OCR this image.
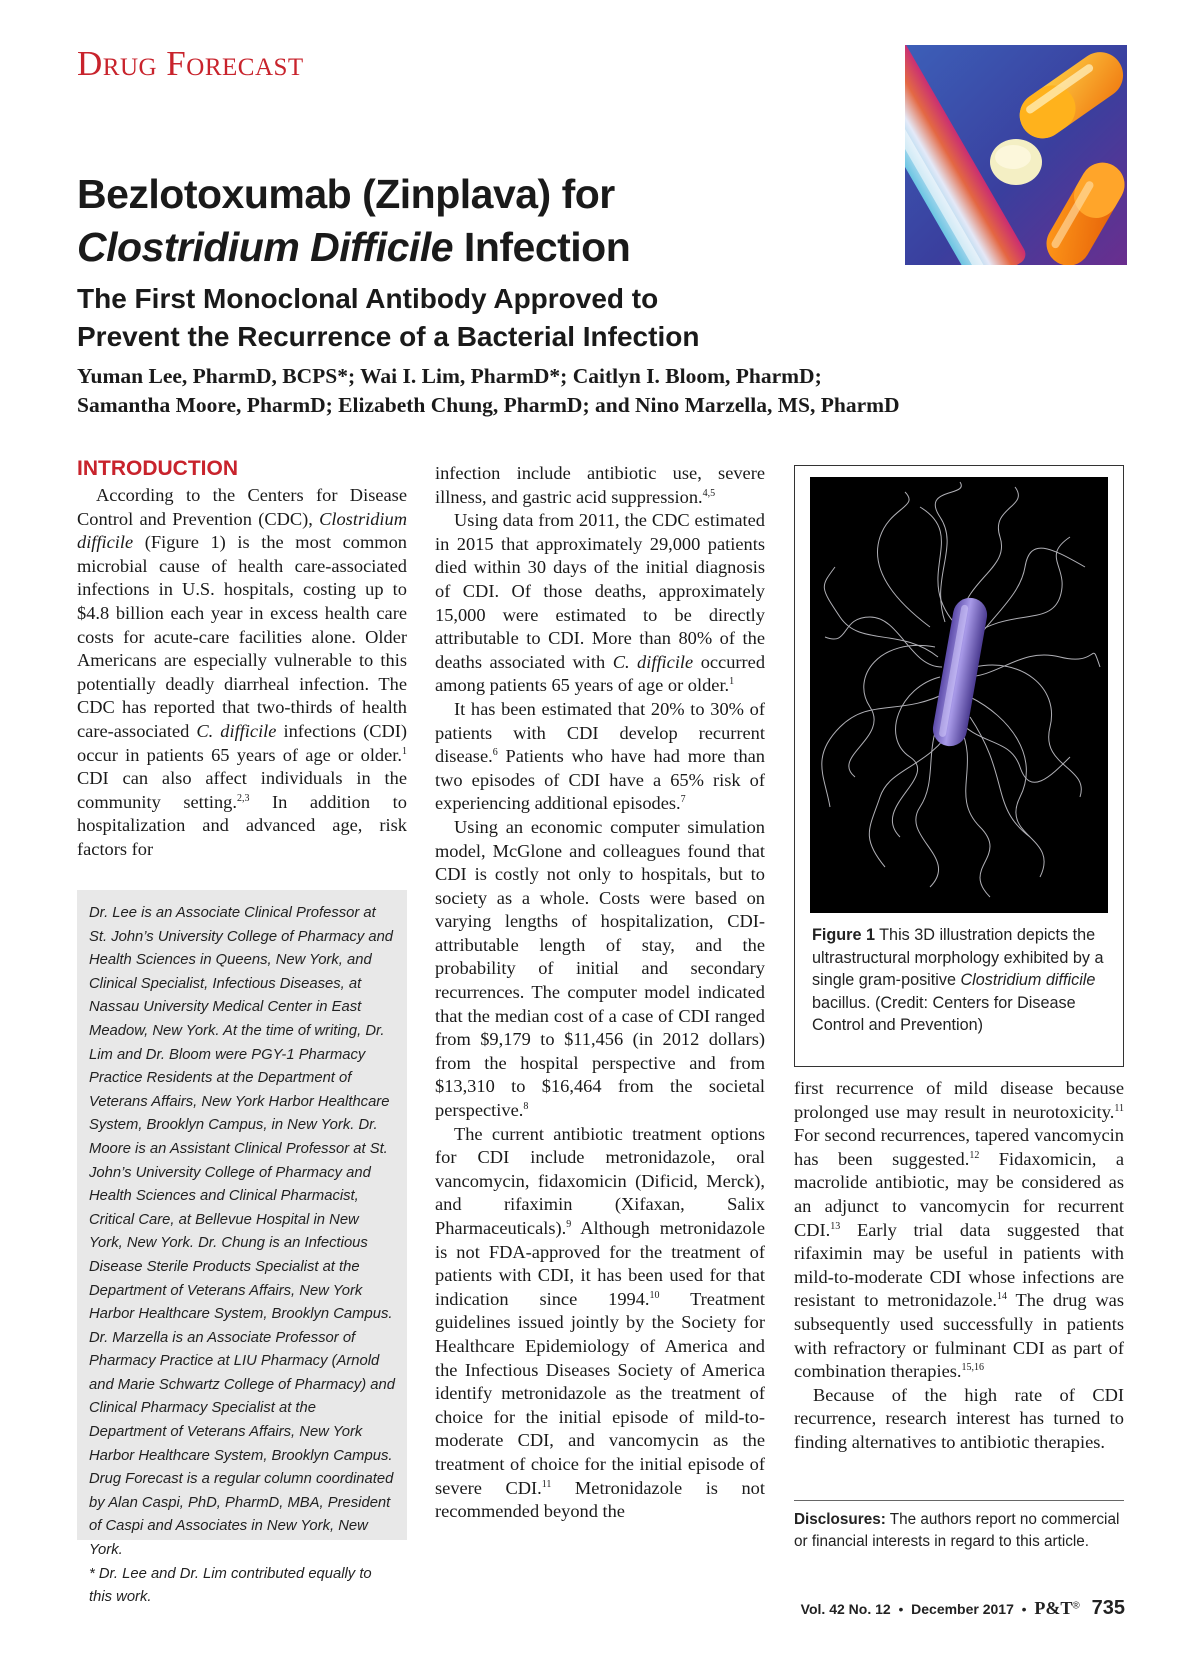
Drug Forecast
Bezlotoxumab (Zinplava) for
Clostridium Difficile Infection
The First Monoclonal Antibody Approved to
Prevent the Recurrence of a Bacterial Infection
Yuman Lee, PharmD, BCPS*; Wai I. Lim, PharmD*; Caitlyn I. Bloom, PharmD;
Samantha Moore, PharmD; Elizabeth Chung, PharmD; and Nino Marzella, MS, PharmD
INTRODUCTION

According to the Centers for Disease Control and Prevention (CDC), Clostridium difficile (Figure 1) is the most common microbial cause of health care-associated infections in U.S. hospitals, costing up to $4.8 billion each year in excess health care costs for acute-care facilities alone. Older Americans are especially vulnerable to this potentially deadly diarrheal infection. The CDC has reported that two-thirds of health care-associated C. difficile infections (CDI) occur in patients 65 years of age or older.$^1$ CDI can also affect individuals in the community setting.$^{2,3}$ In addition to hospitalization and advanced age, risk factors for

Dr. Lee is an Associate Clinical Professor at St. John’s University College of Pharmacy and Health Sciences in Queens, New York, and Clinical Specialist, Infectious Diseases, at Nassau University Medical Center in East Meadow, New York. At the time of writing, Dr. Lim and Dr. Bloom were PGY-1 Pharmacy Practice Residents at the Department of Veterans Affairs, New York Harbor Healthcare System, Brooklyn Campus, in New York. Dr. Moore is an Assistant Clinical Professor at St. John’s University College of Pharmacy and Health Sciences and Clinical Pharmacist, Critical Care, at Bellevue Hospital in New York, New York. Dr. Chung is an Infectious Disease Sterile Products Specialist at the Department of Veterans Affairs, New York Harbor Healthcare System, Brooklyn Campus. Dr. Marzella is an Associate Professor of Pharmacy Practice at LIU Pharmacy (Arnold and Marie Schwartz College of Pharmacy) and Clinical Pharmacy Specialist at the Department of Veterans Affairs, New York Harbor Healthcare System, Brooklyn Campus. Drug Forecast is a regular column coordinated by Alan Caspi, PhD, PharmD, MBA, President of Caspi and Associates in New York, New York.
* Dr. Lee and Dr. Lim contributed equally to this work.

infection include antibiotic use, severe illness, and gastric acid suppression.$^{4,5}$

Using data from 2011, the CDC estimated in 2015 that approximately 29,000 patients died within 30 days of the initial diagnosis of CDI. Of those deaths, approximately 15,000 were estimated to be directly attributable to CDI. More than 80% of the deaths associated with C. difficile occurred among patients 65 years of age or older.$^1$

It has been estimated that 20% to 30% of patients with CDI develop recurrent disease.$^6$ Patients who have had more than two episodes of CDI have a 65% risk of experiencing additional episodes.$^7$

Using an economic computer simulation model, McGlone and colleagues found that CDI is costly not only to hospitals, but to society as a whole. Costs were based on varying lengths of hospitalization, CDI-attributable length of stay, and the probability of initial and secondary recurrences. The computer model indicated that the median cost of a case of CDI ranged from $9,179 to $11,456 (in 2012 dollars) from the hospital perspective and from $13,310 to $16,464 from the societal perspective.$^8$

The current antibiotic treatment options for CDI include metronidazole, oral vancomycin, fidaxomicin (Dificid, Merck), and rifaximin (Xifaxan, Salix Pharmaceuticals).$^9$ Although metronidazole is not FDA-approved for the treatment of patients with CDI, it has been used for that indication since 1994.10 Treatment guidelines issued jointly by the Society for Healthcare Epidemiology of America and the Infectious Diseases Society of America identify metronidazole as the treatment of choice for the initial episode of mild-to-moderate CDI, and vancomycin as the treatment of choice for the initial episode of severe CDI.$^{11}$ Metronidazole is not recommended beyond the

Figure 1 This 3D illustration depicts the ultrastructural morphology exhibited by a single gram-positive Clostridium difficile bacillus. (Credit: Centers for Disease Control and Prevention)

first recurrence of mild disease because prolonged use may result in neurotoxicity.$^{11}$ For second recurrences, tapered vancomycin has been suggested.$^{12}$ Fidaxomicin, a macrolide antibiotic, may be considered as an adjunct to vancomycin for recurrent CDI.$^{13}$ Early trial data suggested that rifaximin may be useful in patients with mild-to-moderate CDI whose infections are resistant to metronidazole.$^{14}$ The drug was subsequently used successfully in patients with refractory or fulminant CDI as part of combination therapies.$^{15,16}$

Because of the high rate of CDI recurrence, research interest has turned to finding alternatives to antibiotic therapies.

Disclosures: The authors report no commercial or financial interests in regard to this article.
Vol. 42 No. 12  •  December 2017  •  P&T® 735
